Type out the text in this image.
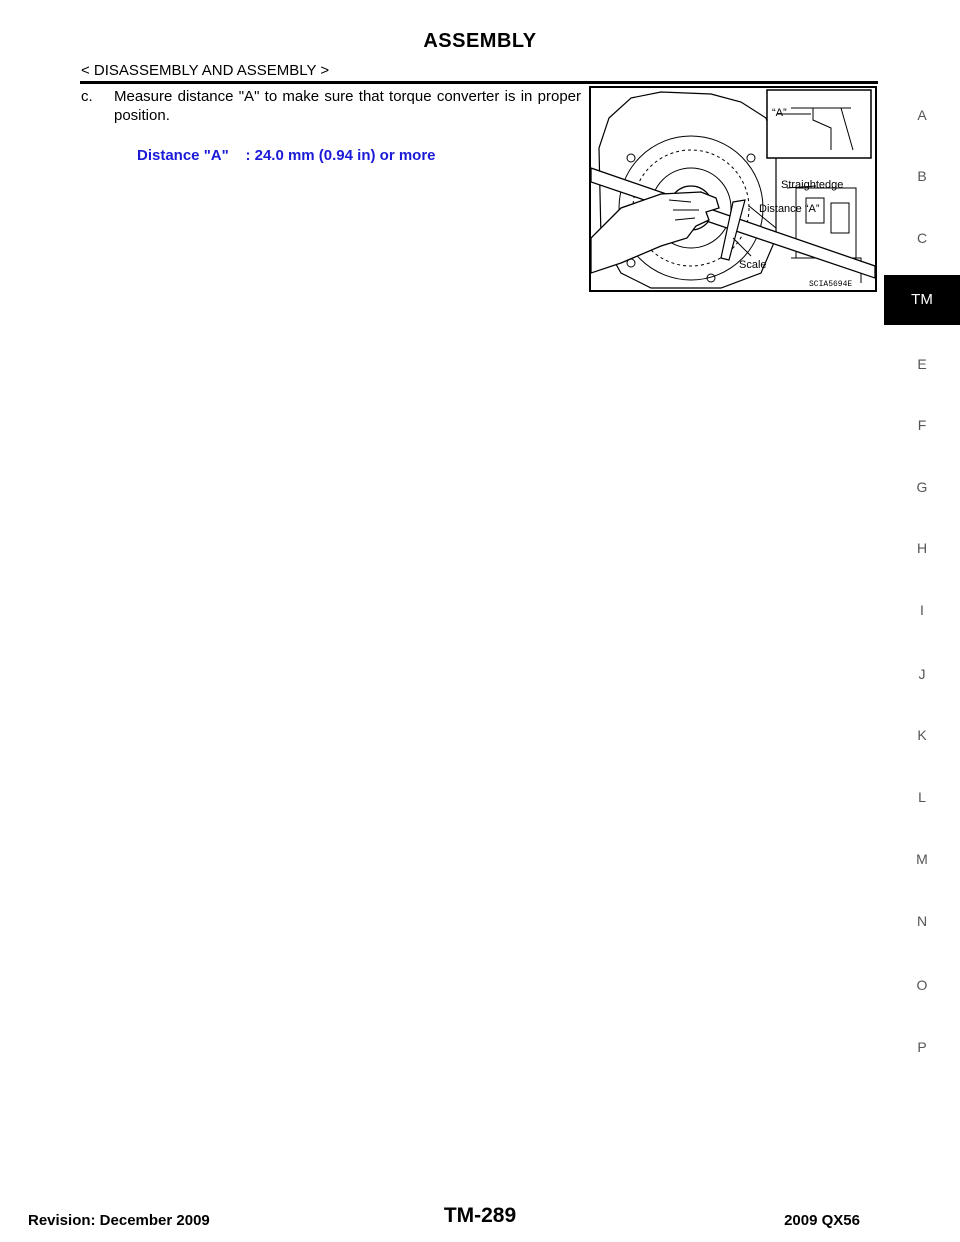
ASSEMBLY
< DISASSEMBLY AND ASSEMBLY >
c. Measure distance "A" to make sure that torque converter is in proper position.
Distance "A" : 24.0 mm (0.94 in) or more
“A”
Straightedge
Distance “A”
Scale
SCIA5694E
A
B
C
TM
E
F
G
H
I
J
K
L
M
N
O
P
TM-289
Revision: December 2009	2009 QX56
